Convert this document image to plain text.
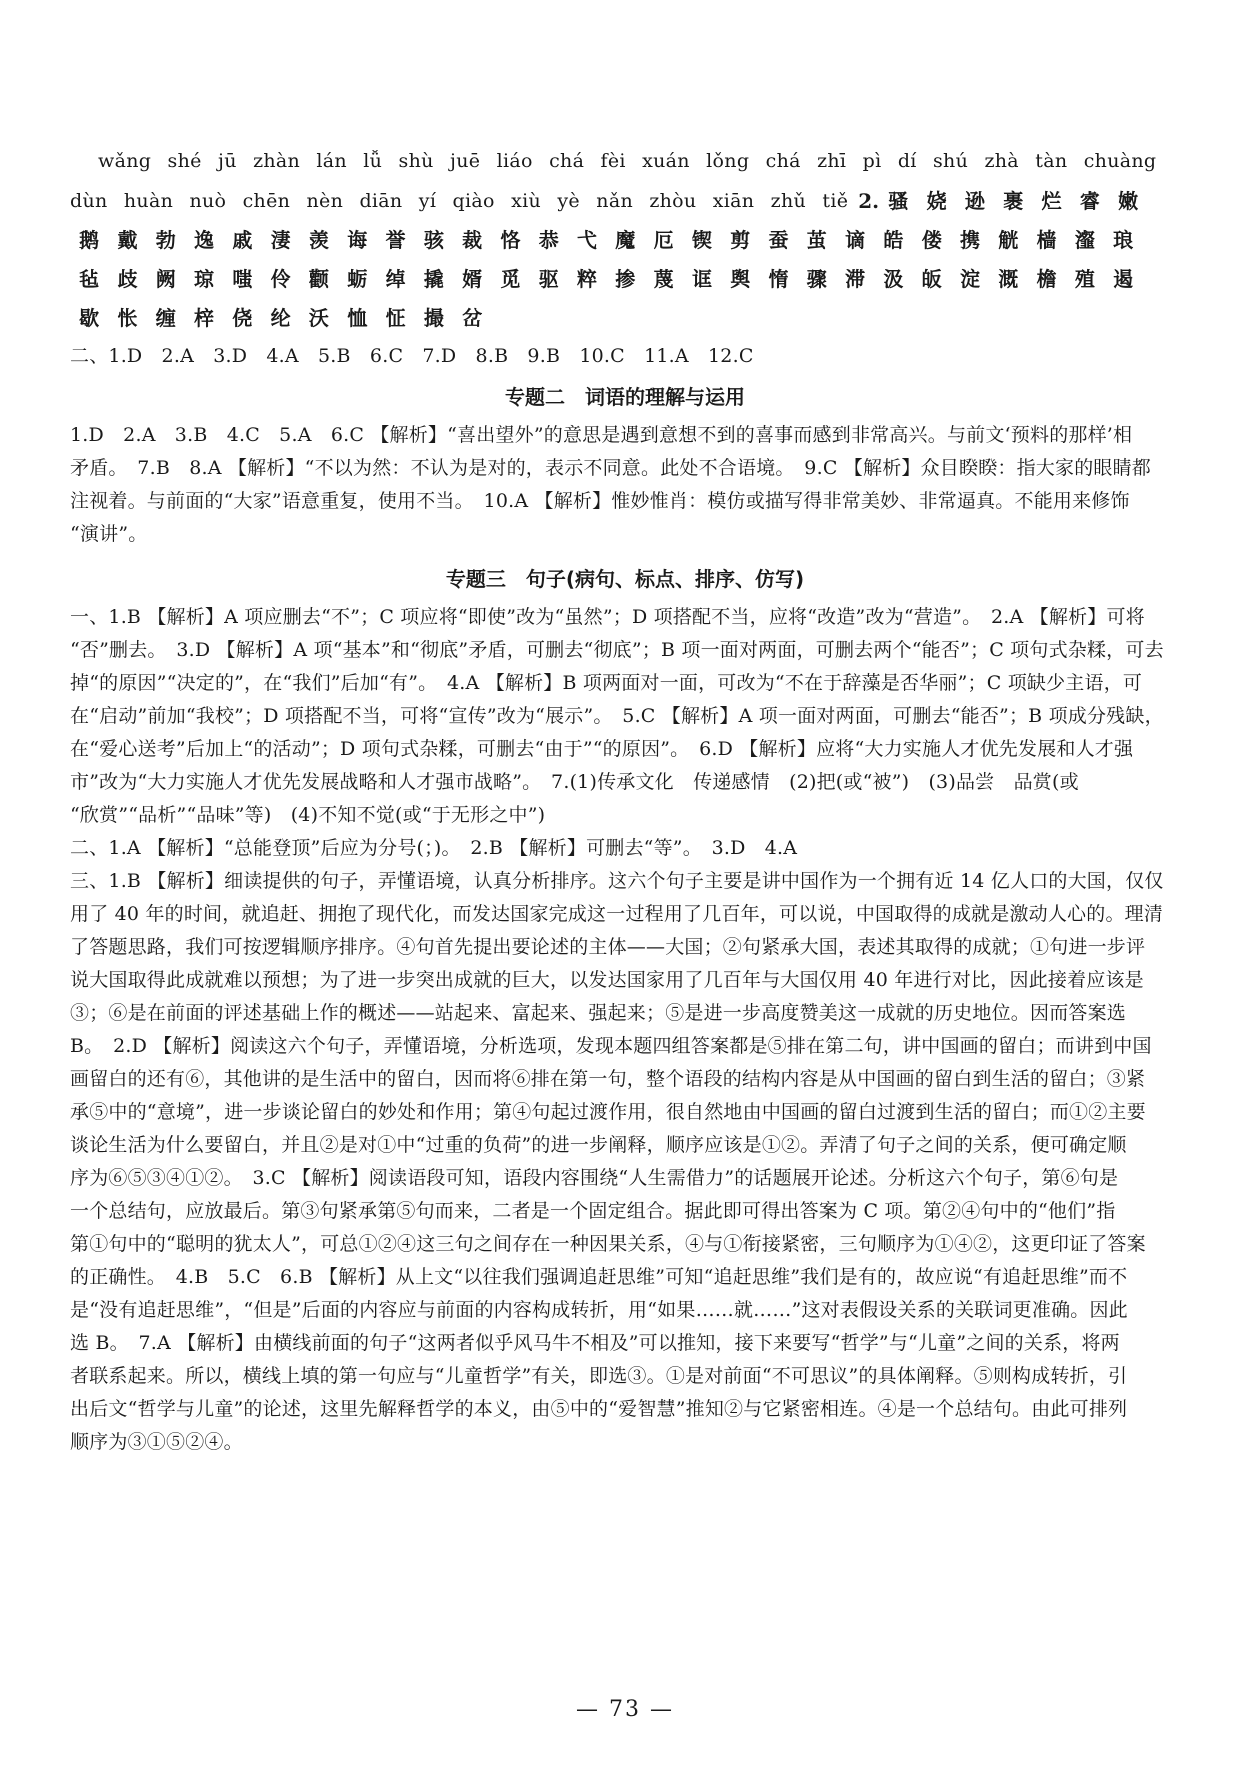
wǎng shé jū zhàn lán lǚ shù juē liáo chá fèi xuán lǒng chá zhī pì dí shú zhà tàn chuàng

dùn huàn nuò chēn nèn diān yí qiào xiù yè nǎn zhòu xiān zhǔ tiě 2. 骚 娆 逊 裹 烂 睿 嫩
鹅 戴 勃 逸 戚 淒 羡 诲 誉 骇 裁 恪 恭 弋 魔 厄 锲 剪 蚕 茧 谪 皓 偻 携 觥 樯 瀣 琅
毡 歧 阙 琼 嗤 伶 颧 蛎 绰 撬 婿 觅 驱 粹 掺 蔑 诓 舆 惰 骤 滞 汲 皈 淀 溉 檐 殖 遏
歇 怅 缠 梓 侥 纶 沃 恤 怔 撮 岔

二、1.D　2.A　3.D　4.A　5.B　6.C　7.D　8.B　9.B　10.C　11.A　12.C

专题二　词语的理解与运用

1.D　2.A　3.B　4.C　5.A　6.C 【解析】“喜出望外”的意思是遇到意想不到的喜事而感到非常高兴。与前文‘预料的那样’相

矛盾。　7.B　8.A 【解析】“不以为然：不认为是对的，表示不同意。此处不合语境。　9.C 【解析】众目睽睽：指大家的眼睛都

注视着。与前面的“大家”语意重复，使用不当。　10.A 【解析】惟妙惟肖：模仿或描写得非常美妙、非常逼真。不能用来修饰

“演讲”。

专题三　句子(病句、标点、排序、仿写)

一、1.B 【解析】A 项应删去“不”；C 项应将“即使”改为“虽然”；D 项搭配不当，应将“改造”改为“营造”。　2.A 【解析】可将

“否”删去。　3.D 【解析】A 项“基本”和“彻底”矛盾，可删去“彻底”；B 项一面对两面，可删去两个“能否”；C 项句式杂糅，可去

掉“的原因”“决定的”，在“我们”后加“有”。　4.A 【解析】B 项两面对一面，可改为“不在于辞藻是否华丽”；C 项缺少主语，可

在“启动”前加“我校”；D 项搭配不当，可将“宣传”改为“展示”。　5.C 【解析】A 项一面对两面，可删去“能否”；B 项成分残缺，

在“爱心送考”后加上“的活动”；D 项句式杂糅，可删去“由于”“的原因”。　6.D 【解析】应将“大力实施人才优先发展和人才强

市”改为“大力实施人才优先发展战略和人才强市战略”。　7.(1)传承文化　传递感情　(2)把(或“被”)　(3)品尝　品赏(或

“欣赏”“品析”“品味”等)　(4)不知不觉(或“于无形之中”)

二、1.A 【解析】“总能登顶”后应为分号(；)。　2.B 【解析】可删去“等”。　3.D　4.A

三、1.B 【解析】细读提供的句子，弄懂语境，认真分析排序。这六个句子主要是讲中国作为一个拥有近 14 亿人口的大国，仅仅

用了 40 年的时间，就追赶、拥抱了现代化，而发达国家完成这一过程用了几百年，可以说，中国取得的成就是激动人心的。理清

了答题思路，我们可按逻辑顺序排序。④句首先提出要论述的主体——大国；②句紧承大国，表述其取得的成就；①句进一步评

说大国取得此成就难以预想；为了进一步突出成就的巨大，以发达国家用了几百年与大国仅用 40 年进行对比，因此接着应该是

③；⑥是在前面的评述基础上作的概述——站起来、富起来、强起来；⑤是进一步高度赞美这一成就的历史地位。因而答案选

B。　2.D 【解析】阅读这六个句子，弄懂语境，分析选项，发现本题四组答案都是⑤排在第二句，讲中国画的留白；而讲到中国

画留白的还有⑥，其他讲的是生活中的留白，因而将⑥排在第一句，整个语段的结构内容是从中国画的留白到生活的留白；③紧

承⑤中的“意境”，进一步谈论留白的妙处和作用；第④句起过渡作用，很自然地由中国画的留白过渡到生活的留白；而①②主要

谈论生活为什么要留白，并且②是对①中“过重的负荷”的进一步阐释，顺序应该是①②。弄清了句子之间的关系，便可确定顺

序为⑥⑤③④①②。　3.C 【解析】阅读语段可知，语段内容围绕“人生需借力”的话题展开论述。分析这六个句子，第⑥句是

一个总结句，应放最后。第③句紧承第⑤句而来，二者是一个固定组合。据此即可得出答案为 C 项。第②④句中的“他们”指

第①句中的“聪明的犹太人”，可总①②④这三句之间存在一种因果关系，④与①衔接紧密，三句顺序为①④②，这更印证了答案

的正确性。　4.B　5.C　6.B 【解析】从上文“以往我们强调追赶思维”可知“追赶思维”我们是有的，故应说“有追赶思维”而不

是“没有追赶思维”，“但是”后面的内容应与前面的内容构成转折，用“如果……就……”这对表假设关系的关联词更准确。因此

选 B。　7.A 【解析】由横线前面的句子“这两者似乎风马牛不相及”可以推知，接下来要写“哲学”与“儿童”之间的关系，将两

者联系起来。所以，横线上填的第一句应与“儿童哲学”有关，即选③。①是对前面“不可思议”的具体阐释。⑤则构成转折，引

出后文“哲学与儿童”的论述，这里先解释哲学的本义，由⑤中的“爱智慧”推知②与它紧密相连。④是一个总结句。由此可排列

顺序为③①⑤②④。

— 73 —
